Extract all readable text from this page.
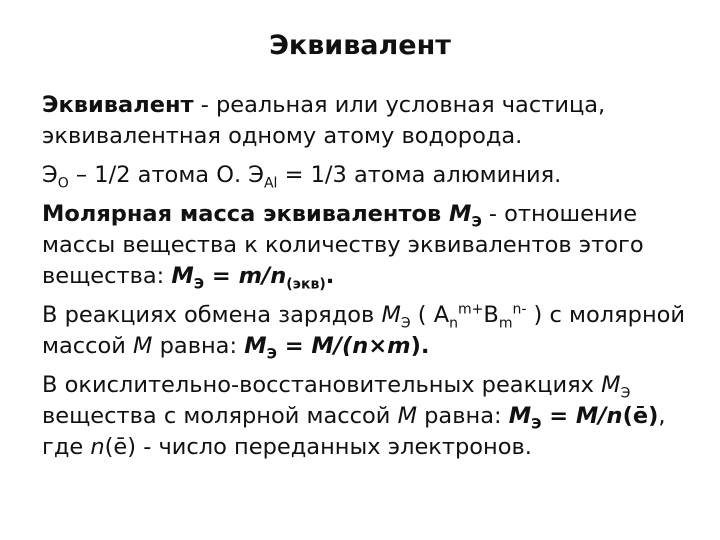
Эквивалент

Эквивалент - реальная или условная частица, эквивалентная одному атому водорода.

$Э_O - 1/2$ атома О. $Э_{Al} = 1/3$ атома алюминия.

Молярная масса эквивалентов $M_Э$ - отношение массы вещества к количеству эквивалентов этого вещества: $M_Э = m/n_{(экв)}$.

В реакциях обмена зарядов $M_Э$ ( $A_n^{m+}B_m^{n-}$ ) с молярной массой M равна: $M_Э = M/(n\times m)$.

В окислительно-восстановительных реакциях $M_Э$ вещества с молярной массой M равна: $M_Э$ = M/n(ē), где n(ē) - число переданных электронов.
